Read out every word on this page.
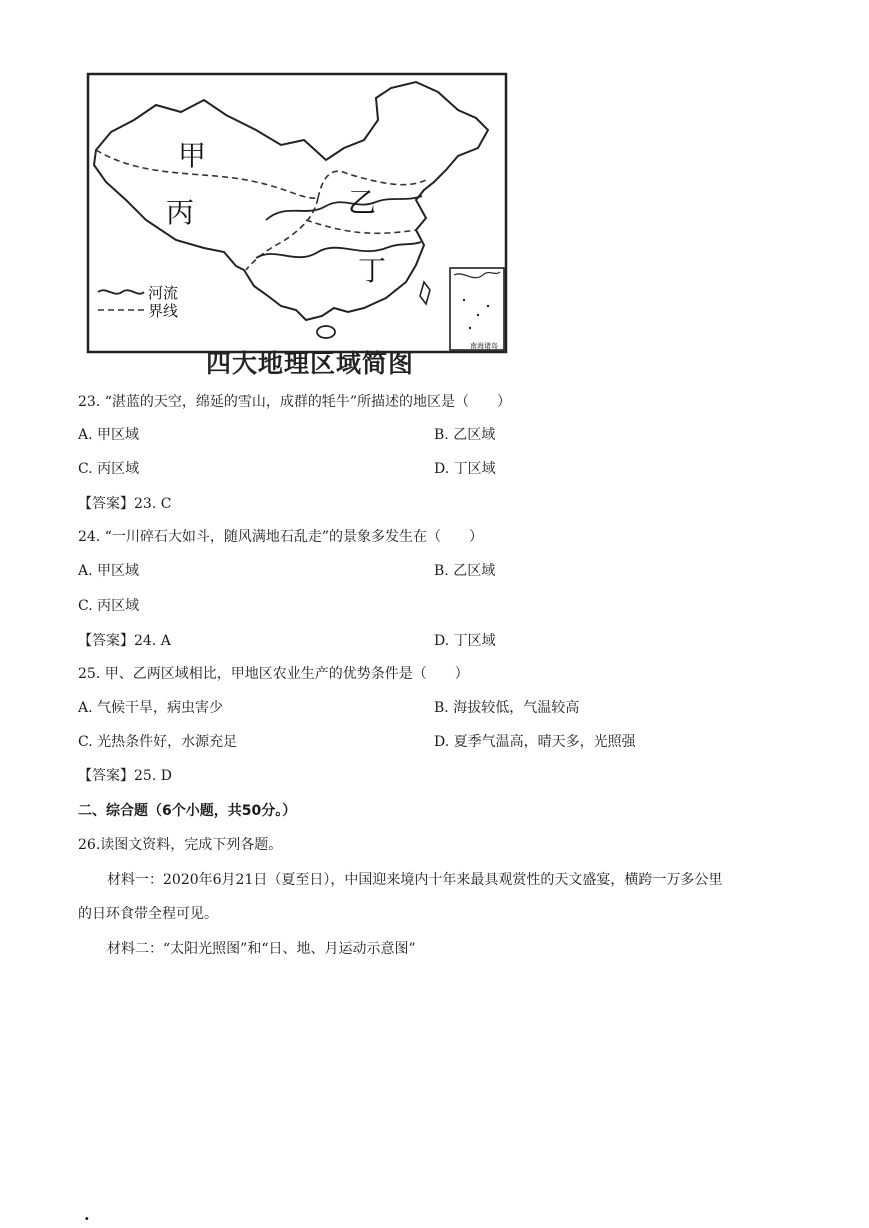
甲
乙
丙
丁
河流
界线
南海诸岛
四大地理区域简图
23. “湛蓝的天空，绵延的雪山，成群的牦牛”所描述的地区是（　　）
A. 甲区域	B. 乙区域
C. 丙区域	D. 丁区域
【答案】23. C
24. “一川碎石大如斗，随风满地石乱走”的景象多发生在（　　）
A. 甲区域	B. 乙区域
C. 丙区域
【答案】24. A	D. 丁区域
25. 甲、乙两区域相比，甲地区农业生产的优势条件是（　　）
A. 气候干旱，病虫害少	B. 海拔较低，气温较高
C. 光热条件好，水源充足	D. 夏季气温高，晴天多，光照强
【答案】25. D
二、综合题（6个小题，共50分。）
26.读图文资料，完成下列各题。
材料一：2020年6月21日（夏至日），中国迎来境内十年来最具观赏性的天文盛宴，横跨一万多公里
的日环食带全程可见。
材料二：“太阳光照图”和“日、地、月运动示意图”
.
